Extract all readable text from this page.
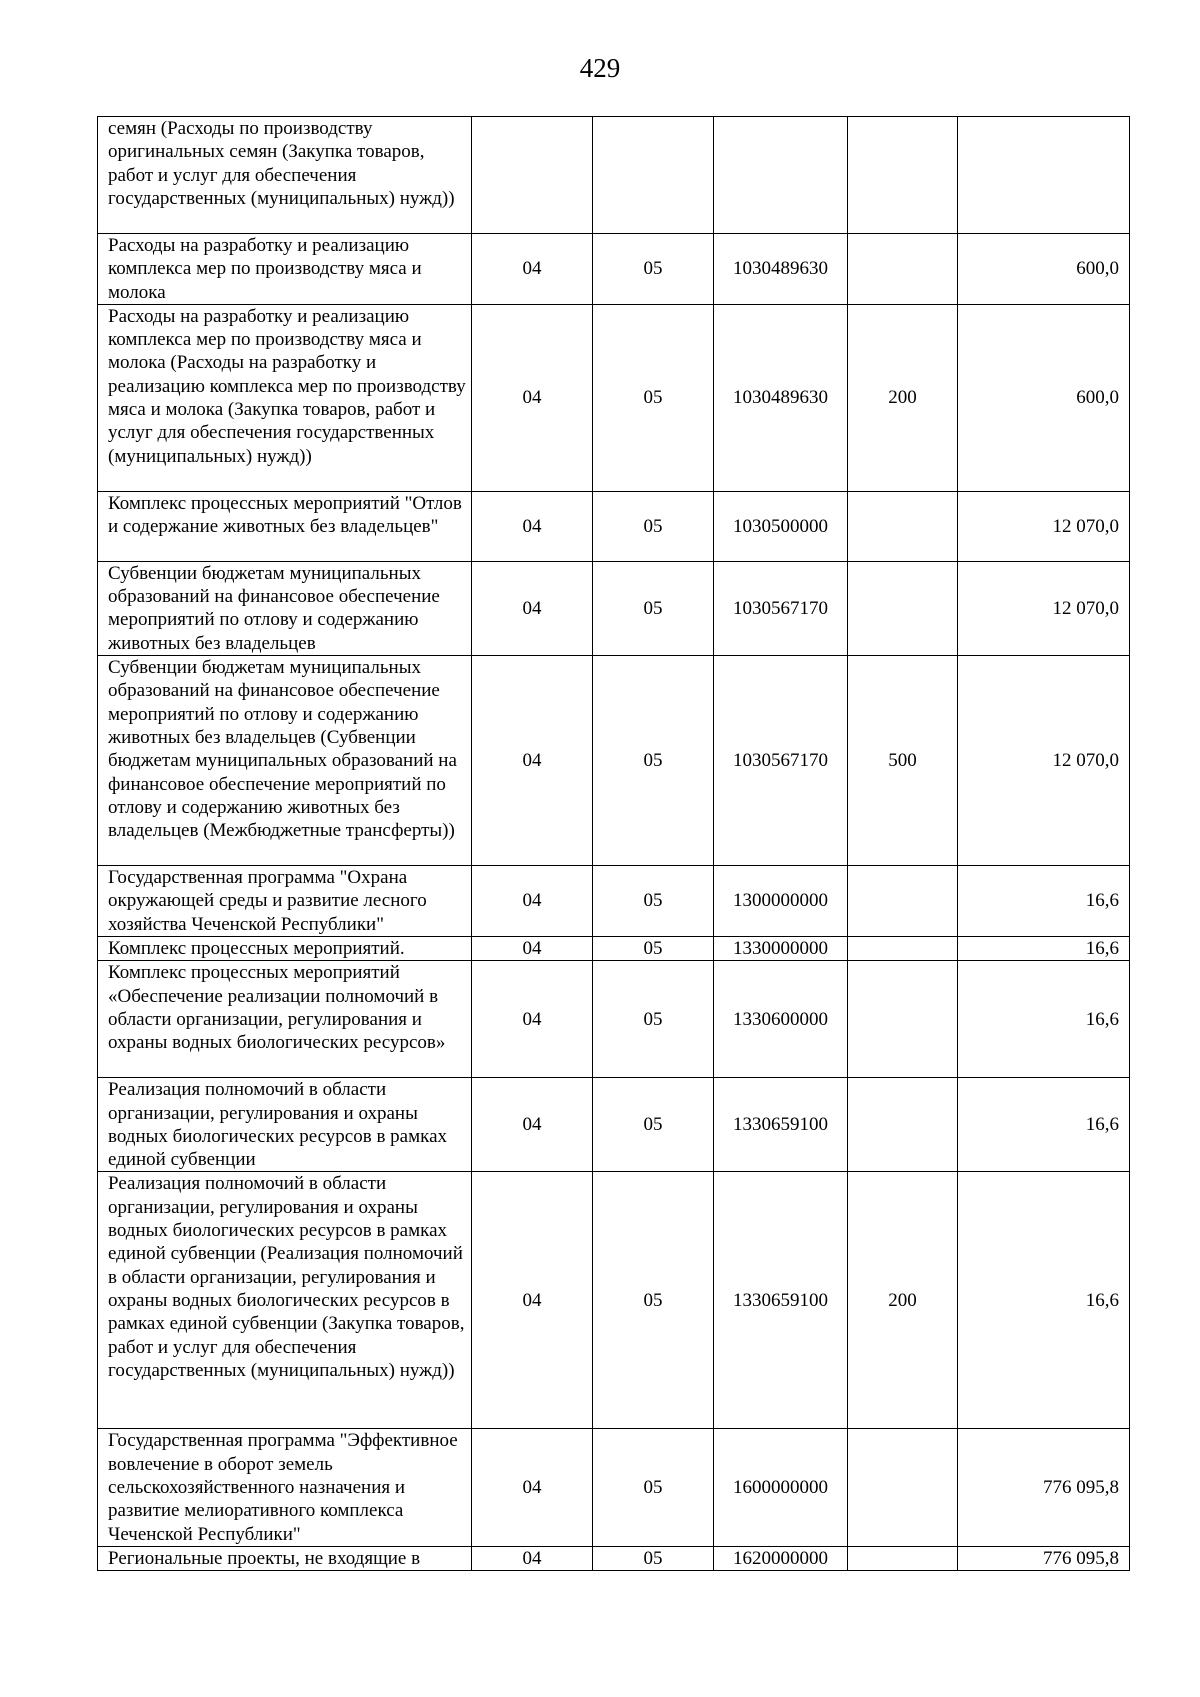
429
семян (Расходы по производству оригинальных семян (Закупка товаров, работ и услуг для обеспечения государственных (муниципальных) нужд))					
Расходы на разработку и реализацию комплекса мер по производству мяса и молока	04	05	1030489630		600,0
Расходы на разработку и реализацию комплекса мер по производству мяса и молока (Расходы на разработку и реализацию комплекса мер по производству мяса и молока (Закупка товаров, работ и услуг для обеспечения государственных (муниципальных) нужд))	04	05	1030489630	200	600,0
Комплекс процессных мероприятий "Отлов и содержание животных без владельцев"	04	05	1030500000		12 070,0
Субвенции бюджетам муниципальных образований на финансовое обеспечение мероприятий по отлову и содержанию животных без владельцев	04	05	1030567170		12 070,0
Субвенции бюджетам муниципальных образований на финансовое обеспечение мероприятий по отлову и содержанию животных без владельцев (Субвенции бюджетам муниципальных образований на финансовое обеспечение мероприятий по отлову и содержанию животных без владельцев (Межбюджетные трансферты))	04	05	1030567170	500	12 070,0
Государственная программа "Охрана окружающей среды и развитие лесного хозяйства Чеченской Республики"	04	05	1300000000		16,6
Комплекс процессных мероприятий.	04	05	1330000000		16,6
Комплекс процессных мероприятий «Обеспечение реализации полномочий в области организации, регулирования и охраны водных биологических ресурсов»	04	05	1330600000		16,6
Реализация полномочий в области организации, регулирования и охраны водных биологических ресурсов в рамках единой субвенции	04	05	1330659100		16,6
Реализация полномочий в области организации, регулирования и охраны водных биологических ресурсов в рамках единой субвенции (Реализация полномочий в области организации, регулирования и охраны водных биологических ресурсов в рамках единой субвенции (Закупка товаров, работ и услуг для обеспечения государственных (муниципальных) нужд))	04	05	1330659100	200	16,6
Государственная программа "Эффективное вовлечение в оборот земель сельскохозяйственного назначения и развитие мелиоративного комплекса Чеченской Республики"	04	05	1600000000		776 095,8
Региональные проекты, не входящие в	04	05	1620000000		776 095,8
